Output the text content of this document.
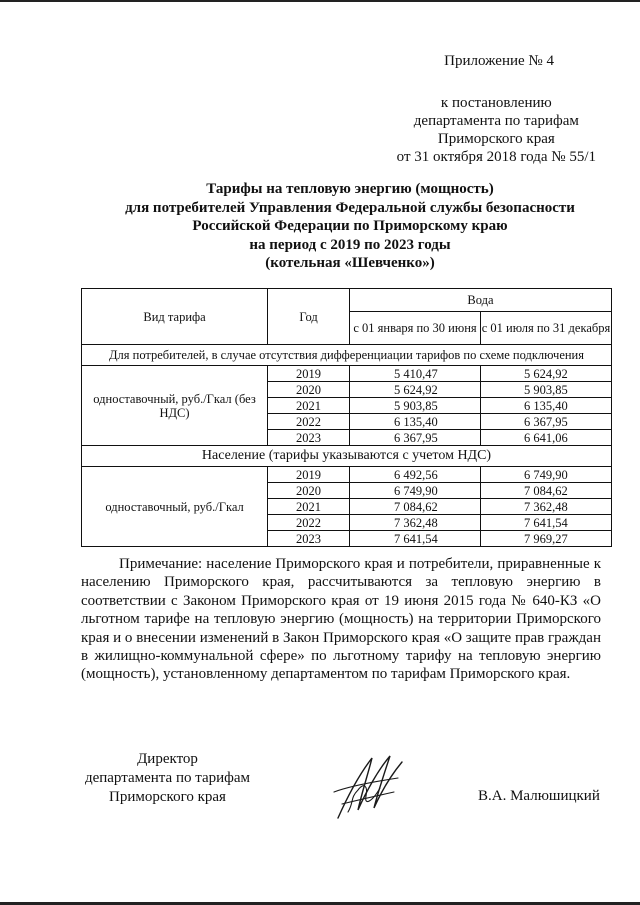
Приложение № 4
к постановлению
департамента по тарифам
Приморского края
от 31 октября 2018 года № 55/1
Тарифы на тепловую энергию (мощность)
для потребителей Управления Федеральной службы безопасности
Российской Федерации по Приморскому краю
на период с 2019 по 2023 годы
(котельная «Шевченко»)
Вид тарифа	Год	Вода	
		с 01 января по 30 июня	с 01 июля по 31 декабря
Для потребителей, в случае отсутствия дифференциации тарифов по схеме подключения			
одноставочный, руб./Гкал (без НДС)	2019	5 410,47	5 624,92
	2020	5 624,92	5 903,85
	2021	5 903,85	6 135,40
	2022	6 135,40	6 367,95
	2023	6 367,95	6 641,06
Население (тарифы указываются с учетом НДС)			
одноставочный, руб./Гкал	2019	6 492,56	6 749,90
	2020	6 749,90	7 084,62
	2021	7 084,62	7 362,48
	2022	7 362,48	7 641,54
	2023	7 641,54	7 969,27
Примечание: население Приморского края и потребители, приравненные к населению Приморского края, рассчитываются за тепловую энергию в соответствии с Законом Приморского края от 19 июня 2015 года № 640-КЗ «О льготном тарифе на тепловую энергию (мощность) на территории Приморского края и о внесении изменений в Закон Приморского края «О защите прав граждан в жилищно-коммунальной сфере» по льготному тарифу на тепловую энергию (мощность), установленному департаментом по тарифам Приморского края.
Директор
департамента по тарифам
Приморского края	В.А. Малюшицкий
